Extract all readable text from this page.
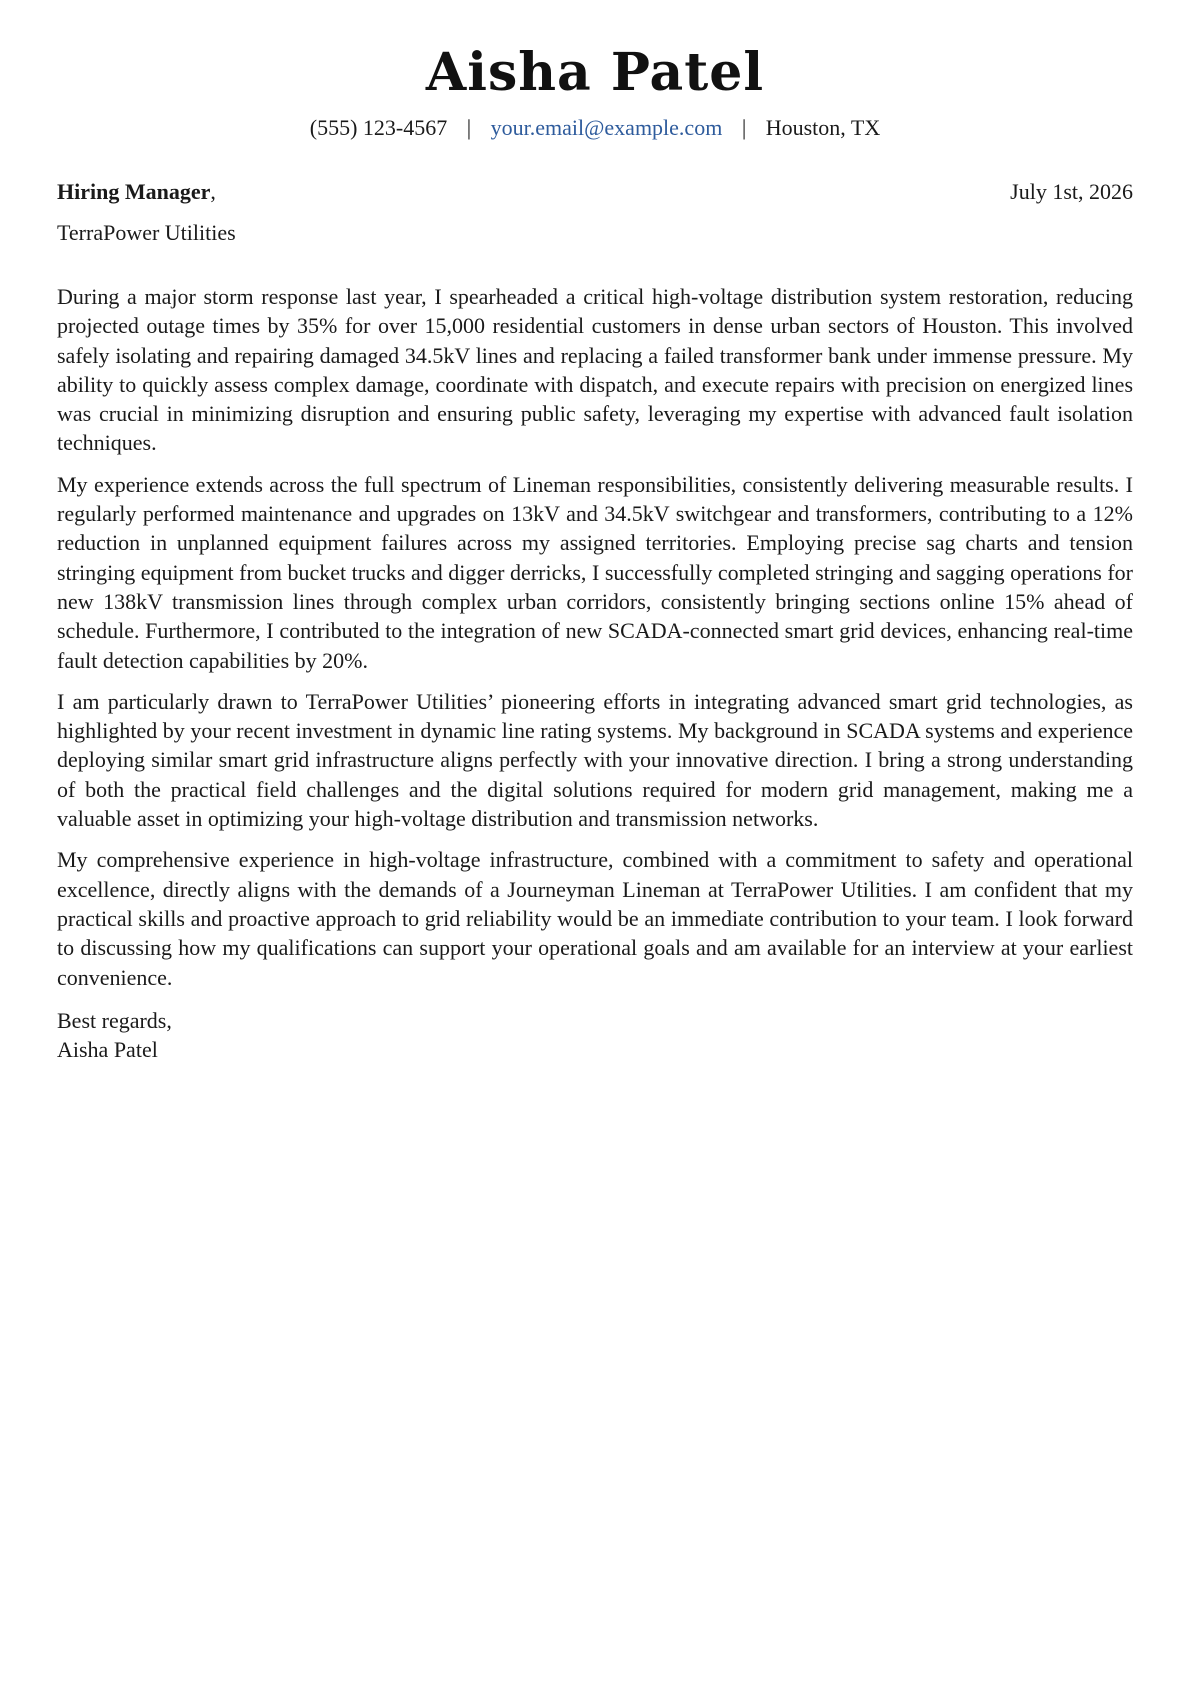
Aisha Patel
(555) 123-4567 | your.email@example.com | Houston, TX
Hiring Manager,	July 1st, 2026
TerraPower Utilities

During a major storm response last year, I spearheaded a critical high-voltage distribution system restoration, reducing projected outage times by 35% for over 15,000 residential customers in dense urban sectors of Houston. This involved safely isolating and repairing damaged 34.5kV lines and replacing a failed transformer bank under immense pressure. My ability to quickly assess complex damage, coordinate with dispatch, and execute repairs with precision on energized lines was crucial in minimizing disruption and ensuring public safety, leveraging my expertise with advanced fault isolation techniques.

My experience extends across the full spectrum of Lineman responsibilities, consistently delivering measurable results. I regularly performed maintenance and upgrades on 13kV and 34.5kV switchgear and transformers, contributing to a 12% reduction in unplanned equipment failures across my assigned territories. Employing precise sag charts and tension stringing equipment from bucket trucks and digger derricks, I successfully completed stringing and sagging operations for new 138kV transmission lines through complex urban corridors, consistently bringing sections online 15% ahead of schedule. Furthermore, I contributed to the integration of new SCADA-connected smart grid devices, enhancing real-time fault detection capabilities by 20%.

I am particularly drawn to TerraPower Utilities’ pioneering efforts in integrating advanced smart grid technologies, as highlighted by your recent investment in dynamic line rating systems. My background in SCADA systems and experience deploying similar smart grid infrastructure aligns perfectly with your innovative direction. I bring a strong understanding of both the practical field challenges and the digital solutions required for modern grid management, making me a valuable asset in optimizing your high-voltage distribution and transmission networks.

My comprehensive experience in high-voltage infrastructure, combined with a commitment to safety and operational excellence, directly aligns with the demands of a Journeyman Lineman at TerraPower Utilities. I am confident that my practical skills and proactive approach to grid reliability would be an immediate contribution to your team. I look forward to discussing how my qualifications can support your operational goals and am available for an interview at your earliest convenience.

Best regards,
Aisha Patel
